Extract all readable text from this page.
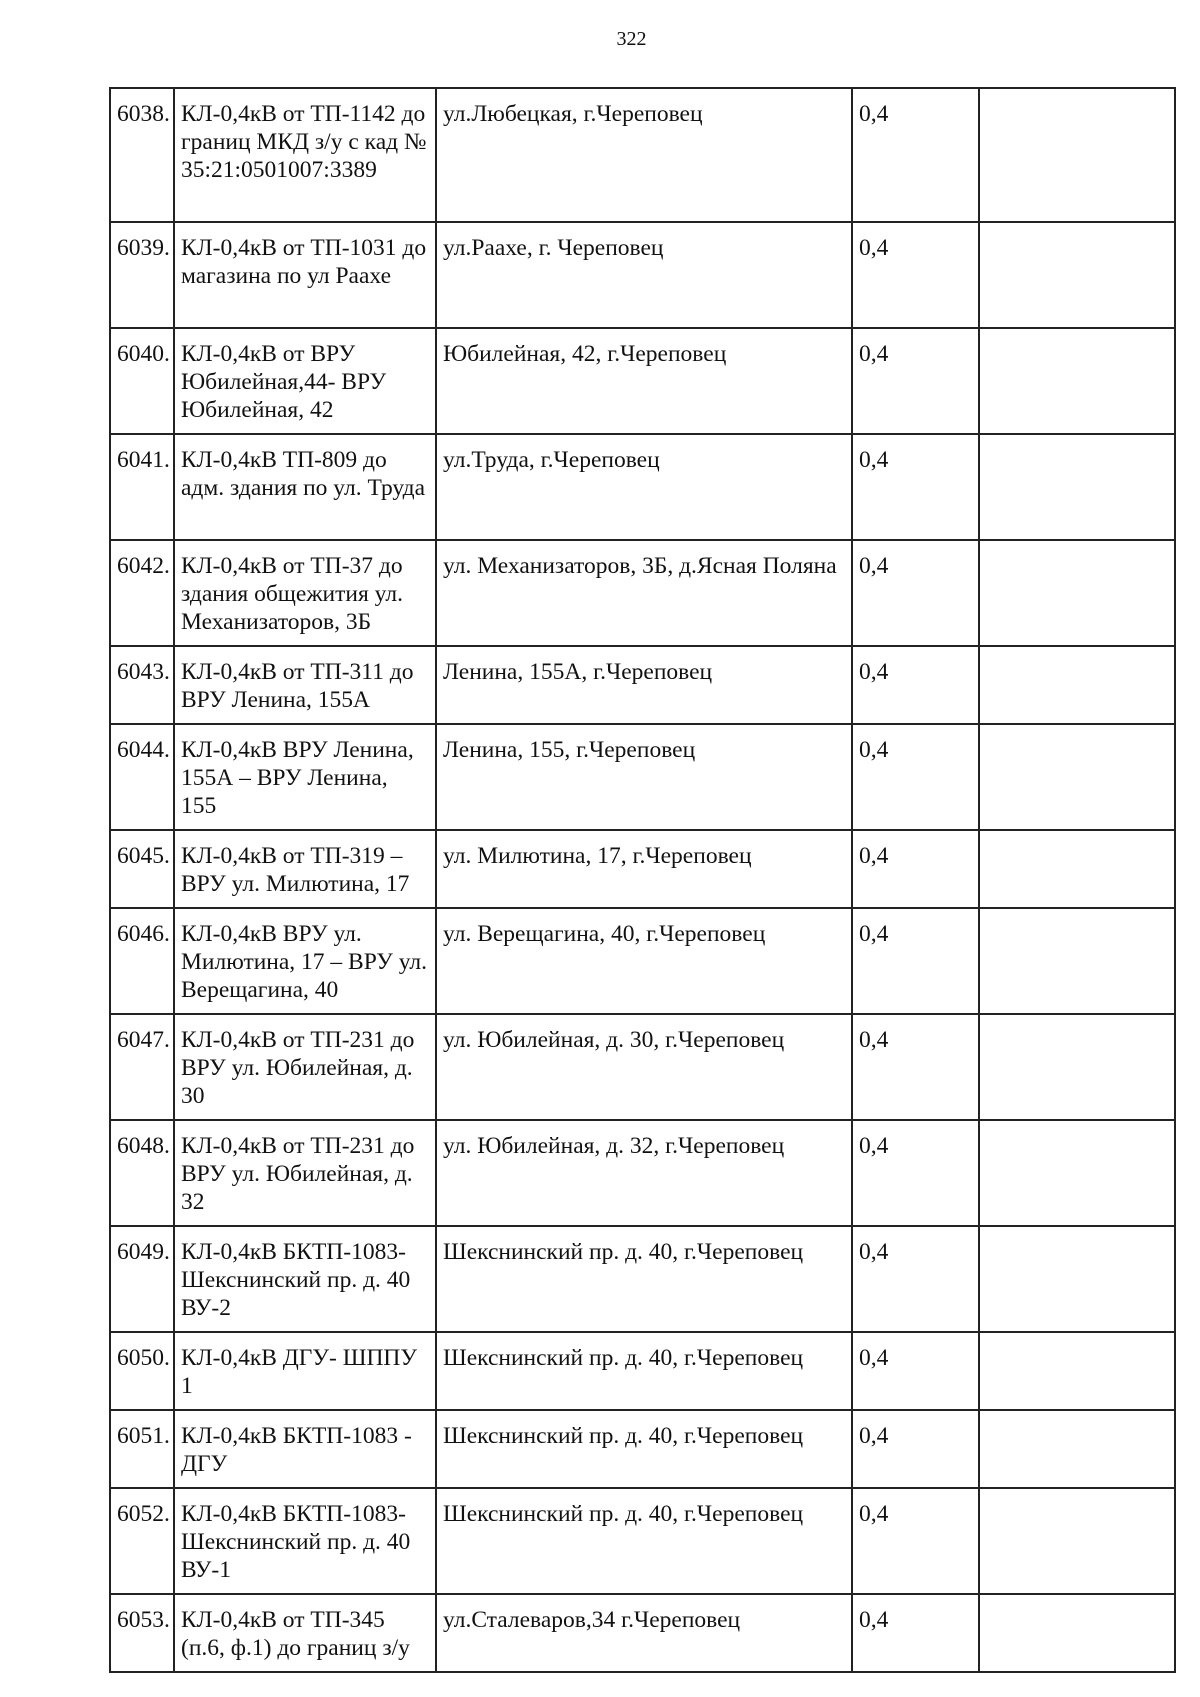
322
6038.	КЛ-0,4кВ от ТП-1142 до границ МКД з/у с кад № 35:21:0501007:3389	ул.Любецкая, г.Череповец	0,4	
6039.	КЛ-0,4кВ от ТП-1031 до магазина по ул Раахе	ул.Раахе, г. Череповец	0,4	
6040.	КЛ-0,4кВ от ВРУ Юбилейная,44- ВРУ Юбилейная, 42	Юбилейная, 42, г.Череповец	0,4	
6041.	КЛ-0,4кВ ТП-809 до адм. здания по ул. Труда	ул.Труда, г.Череповец	0,4	
6042.	КЛ-0,4кВ от ТП-37 до здания общежития ул. Механизаторов, 3Б	ул. Механизаторов, 3Б, д.Ясная Поляна	0,4	
6043.	КЛ-0,4кВ от ТП-311 до ВРУ Ленина, 155А	Ленина, 155А, г.Череповец	0,4	
6044.	КЛ-0,4кВ ВРУ Ленина, 155А – ВРУ Ленина, 155	Ленина, 155, г.Череповец	0,4	
6045.	КЛ-0,4кВ от ТП-319 – ВРУ ул. Милютина, 17	ул. Милютина, 17, г.Череповец	0,4	
6046.	КЛ-0,4кВ ВРУ ул. Милютина, 17 – ВРУ ул. Верещагина, 40	ул. Верещагина, 40, г.Череповец	0,4	
6047.	КЛ-0,4кВ от ТП-231 до ВРУ ул. Юбилейная, д. 30	ул. Юбилейная, д. 30, г.Череповец	0,4	
6048.	КЛ-0,4кВ от ТП-231 до ВРУ ул. Юбилейная, д. 32	ул. Юбилейная, д. 32, г.Череповец	0,4	
6049.	КЛ-0,4кВ БКТП-1083-Шекснинский пр. д. 40 ВУ-2	Шекснинский пр. д. 40, г.Череповец	0,4	
6050.	КЛ-0,4кВ ДГУ- ШППУ 1	Шекснинский пр. д. 40, г.Череповец	0,4	
6051.	КЛ-0,4кВ БКТП-1083 - ДГУ	Шекснинский пр. д. 40, г.Череповец	0,4	
6052.	КЛ-0,4кВ БКТП-1083-Шекснинский пр. д. 40 ВУ-1	Шекснинский пр. д. 40, г.Череповец	0,4	
6053.	КЛ-0,4кВ от ТП-345 (п.6, ф.1) до границ з/у	ул.Сталеваров,34 г.Череповец	0,4	
